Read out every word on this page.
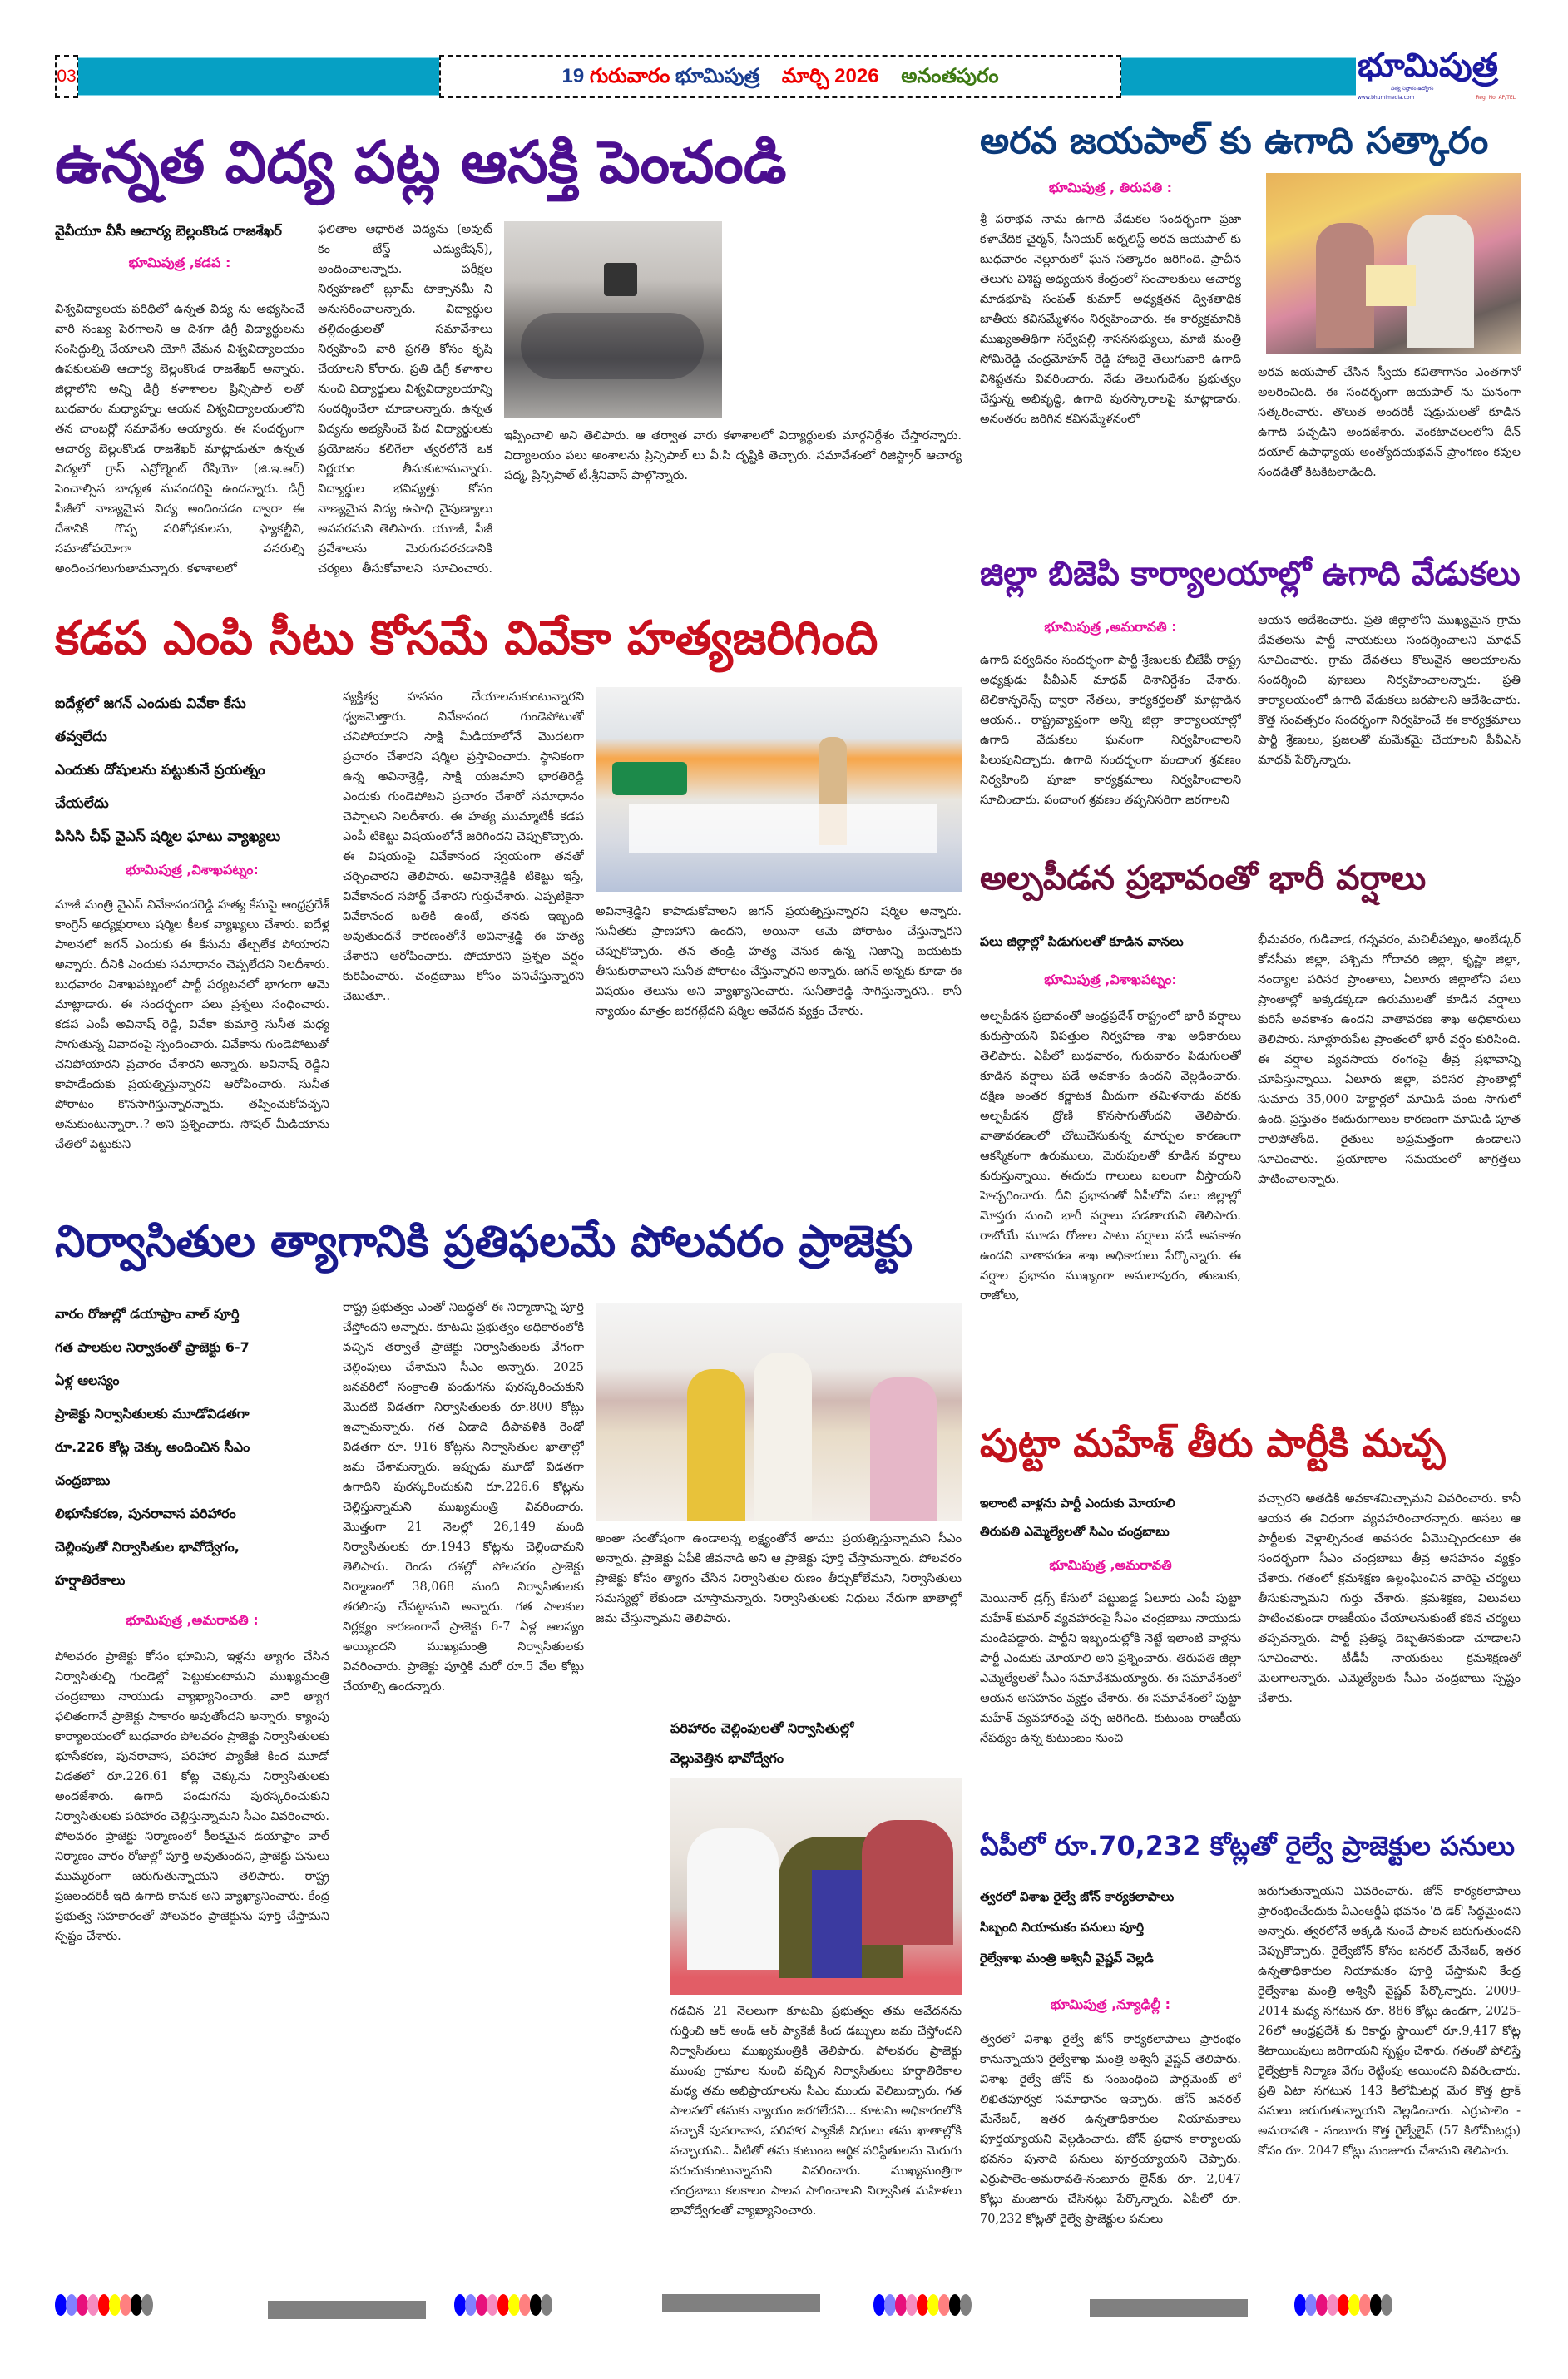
03	19 గురువారం భూమిపుత్ర మార్చి 2026 అనంతపురం	భూమిపుత్ర
సత్య నిష్ఠారం ఉద్యోగం
www.bhumimedia.com	Reg. No. AP/TEL
ఉన్నత విద్య పట్ల ఆసక్తి పెంచండి
వైవీయూ వీసీ ఆచార్య బెల్లంకొండ రాజశేఖర్
భూమిపుత్ర ,కడప :
విశ్వవిద్యాలయ పరిధిలో ఉన్నత విద్య ను అభ్యసించే వారి సంఖ్య పెరగాలని ఆ దిశగా డిగ్రీ విద్యార్థులను సంసిద్ధుల్ని చేయాలని యోగి వేమన విశ్వవిద్యాలయం ఉపకులపతి ఆచార్య బెల్లంకొండ రాజశేఖర్ అన్నారు. జిల్లాలోని అన్ని డిగ్రీ కళాశాలల ప్రిన్సిపాల్ లతో బుధవారం మధ్యాహ్నం ఆయన విశ్వవిద్యాలయంలోని తన చాంబర్లో సమావేశం అయ్యారు. ఈ సందర్భంగా ఆచార్య బెల్లంకొండ రాజశేఖర్ మాట్లాడుతూ ఉన్నత విద్యలో గ్రాస్ ఎన్రోల్మెంట్ రేషియో (జి.ఇ.ఆర్) పెంచాల్సిన బాధ్యత మనందరిపై ఉందన్నారు. డిగ్రీ పీజీలో నాణ్యమైన విద్య అందించడం ద్వారా ఈ దేశానికి గొప్ప పరిశోధకులను, ఫ్యాకల్టీని, సమాజోపయోగా వనరుల్ని అందించగలుగుతామన్నారు. కళాశాలలో
ఫలితాల ఆధారిత విద్యను (అవుట్ కం బేస్డ్ ఎడ్యుకేషన్), అందించాలన్నారు. పరీక్షల నిర్వహణలో బ్లూమ్ టాక్సానమీ ని అనుసరించాలన్నారు. విద్యార్థుల తల్లిదండ్రులతో సమావేశాలు నిర్వహించి వారి ప్రగతి కోసం కృషి చేయాలని కోరారు. ప్రతి డిగ్రీ కళాశాల నుంచి విద్యార్థులు విశ్వవిద్యాలయాన్ని సందర్శించేలా చూడాలన్నారు. ఉన్నత విద్యను అభ్యసించే పేద విద్యార్థులకు ప్రయోజనం కలిగేలా త్వరలోనే ఒక నిర్ణయం తీసుకుటామన్నారు. విద్యార్థుల భవిష్యత్తు కోసం నాణ్యమైన విద్య ఉపాధి నైపుణ్యాలు అవసరమని తెలిపారు. యూజీ, పీజీ ప్రవేశాలను మెరుగుపరచడానికి చర్యలు తీసుకోవాలని సూచించారు.
ఇప్పించాలి అని తెలిపారు. ఆ తర్వాత వారు కళాశాలలో విద్యార్థులకు మార్గనిర్దేశం చేస్తారన్నారు. విద్యాలయం పలు అంశాలను ప్రిన్సిపాల్ లు వీ.సి దృష్టికి తెచ్చారు. సమావేశంలో రిజిస్ట్రార్ ఆచార్య పద్మ, ప్రిన్సిపాల్ టీ.శ్రీనివాస్ పాల్గొన్నారు.
అరవ జయపాల్ కు ఉగాది సత్కారం
భూమిపుత్ర , తిరుపతి :
శ్రీ పరాభవ నామ ఉగాది వేడుకల సందర్భంగా ప్రజా కళావేదిక చైర్మన్, సీనియర్ జర్నలిస్ట్ అరవ జయపాల్ కు బుధవారం నెల్లూరులో ఘన సత్కారం జరిగింది. ప్రాచీన తెలుగు విశిష్ట అధ్యయన కేంద్రంలో సంచాలకులు ఆచార్య మాడభూషి సంపత్ కుమార్ అధ్యక్షతన ద్విశతాధిక జాతీయ కవిసమ్మేళనం నిర్వహించారు. ఈ కార్యక్రమానికి ముఖ్యఅతిథిగా సర్వేపల్లి శాసనసభ్యులు, మాజీ మంత్రి సోమిరెడ్డి చంద్రమోహన్ రెడ్డి హాజరై తెలుగువారి ఉగాది విశిష్టతను వివరించారు. నేడు తెలుగుదేశం ప్రభుత్వం చేస్తున్న అభివృద్ధి, ఉగాది పురస్కారాలపై మాట్లాడారు. అనంతరం జరిగిన కవిసమ్మేళనంలో
అరవ జయపాల్ చేసిన స్వీయ కవితాగానం ఎంతగానో అలరించింది. ఈ సందర్భంగా జయపాల్ ను ఘనంగా సత్కరించారు. తొలుత అందరికీ షడ్రుచులతో కూడిన ఉగాది పచ్చడిని అందజేశారు. వెంకటాచలంలోని దీన్ దయాల్ ఉపాధ్యాయ అంత్యోదయభవన్ ప్రాంగణం కవుల సందడితో కిటకిటలాడింది.
జిల్లా బిజెపి కార్యాలయాల్లో ఉగాది వేడుకలు
భూమిపుత్ర ,అమరావతి :
ఉగాది పర్వదినం సందర్భంగా పార్టీ శ్రేణులకు బీజేపీ రాష్ట్ర అధ్యక్షుడు పీవీఎన్ మాధవ్ దిశానిర్దేశం చేశారు. టెలికాన్ఫరెన్స్ ద్వారా నేతలు, కార్యకర్తలతో మాట్లాడిన ఆయన.. రాష్ట్రవ్యాప్తంగా అన్ని జిల్లా కార్యాలయాల్లో ఉగాది వేడుకలు ఘనంగా నిర్వహించాలని పిలుపునిచ్చారు. ఉగాది సందర్భంగా పంచాంగ శ్రవణం నిర్వహించి పూజా కార్యక్రమాలు నిర్వహించాలని సూచించారు. పంచాంగ శ్రవణం తప్పనిసరిగా జరగాలని
ఆయన ఆదేశించారు. ప్రతి జిల్లాలోని ముఖ్యమైన గ్రామ దేవతలను పార్టీ నాయకులు సందర్శించాలని మాధవ్ సూచించారు. గ్రామ దేవతలు కొలువైన ఆలయాలను సందర్శించి పూజలు నిర్వహించాలన్నారు. ప్రతి కార్యాలయంలో ఉగాది వేడుకలు జరపాలని ఆదేశించారు. కొత్త సంవత్సరం సందర్భంగా నిర్వహించే ఈ కార్యక్రమాలు పార్టీ శ్రేణులు, ప్రజలతో మమేకమై చేయాలని పీవీఎన్ మాధవ్ పేర్కొన్నారు.
కడప ఎంపి సీటు కోసమే వివేకా హత్యజరిగింది
ఐదేళ్లలో జగన్ ఎందుకు వివేకా కేసు
తవ్వలేదు
ఎందుకు దోషులను పట్టుకునే ప్రయత్నం
చేయలేదు
పిసిసి చీఫ్ వైఎస్ షర్మిల ఘాటు వ్యాఖ్యలు
భూమిపుత్ర ,విశాఖపట్నం:
మాజీ మంత్రి వైఎస్ వివేకానందరెడ్డి హత్య కేసుపై ఆంధ్రప్రదేశ్ కాంగ్రెస్ అధ్యక్షురాలు షర్మిల కీలక వ్యాఖ్యలు చేశారు. ఐదేళ్ల పాలనలో జగన్ ఎందుకు ఈ కేసును తేల్చలేక పోయారని అన్నారు. దీనికి ఎందుకు సమాధానం చెప్పలేదని నిలదీశారు. బుధవారం విశాఖపట్నంలో పార్టీ పర్యటనలో భాగంగా ఆమె మాట్లాడారు. ఈ సందర్భంగా పలు ప్రశ్నలు సంధించారు. కడప ఎంపీ అవినాష్ రెడ్డి, వివేకా కుమార్తె సునీత మధ్య సాగుతున్న వివాదంపై స్పందించారు. వివేకాను గుండెపోటుతో చనిపోయారని ప్రచారం చేశారని అన్నారు. అవినాష్ రెడ్డిని కాపాడేందుకు ప్రయత్నిస్తున్నారని ఆరోపించారు. సునీత పోరాటం కొనసాగిస్తున్నారన్నారు. తప్పించుకోవచ్చని అనుకుంటున్నారా..? అని ప్రశ్నించారు. సోషల్ మీడియాను చేతిలో పెట్టుకుని
వ్యక్తిత్వ హననం చేయాలనుకుంటున్నారని ధ్వజమెత్తారు. వివేకానంద గుండెపోటుతో చనిపోయారని సాక్షి మీడియాలోనే మొదటగా ప్రచారం చేశారని షర్మిల ప్రస్తావించారు. స్థానికంగా ఉన్న అవినాశ్రెడ్డి, సాక్షి యజమాని భారతిరెడ్డి ఎందుకు గుండెపోటని ప్రచారం చేశారో సమాధానం చెప్పాలని నిలదీశారు. ఈ హత్య ముమ్మాటికీ కడప ఎంపీ టికెట్టు విషయంలోనే జరిగిందని చెప్పుకొచ్చారు. ఈ విషయంపై వివేకానంద స్వయంగా తనతో చర్చించారని తెలిపారు. అవినాశ్రెడ్డికి టికెట్టు ఇస్తే, వివేకానంద సపోర్ట్ చేశారని గుర్తుచేశారు. ఎప్పటికైనా వివేకానంద బతికి ఉంటే, తనకు ఇబ్బంది అవుతుందనే కారణంతోనే అవినాశ్రెడ్డి ఈ హత్య చేశారని ఆరోపించారు. పోయారని ప్రశ్నల వర్షం కురిపించారు. చంద్రబాబు కోసం పనిచేస్తున్నారని చెబుతూ..
అవినాశ్రెడ్డిని కాపాడుకోవాలని జగన్ ప్రయత్నిస్తున్నారని షర్మిల అన్నారు. సునీతకు ప్రాణహాని ఉందని, అయినా ఆమె పోరాటం చేస్తున్నారని చెప్పుకొచ్చారు. తన తండ్రి హత్య వెనుక ఉన్న నిజాన్ని బయటకు తీసుకురావాలని సునీత పోరాటం చేస్తున్నారని అన్నారు. జగన్ అన్నకు కూడా ఈ విషయం తెలుసు అని వ్యాఖ్యానించారు. సునీతారెడ్డి సాగిస్తున్నారని.. కానీ న్యాయం మాత్రం జరగట్లేదని షర్మిల ఆవేదన వ్యక్తం చేశారు.
అల్పపీడన ప్రభావంతో భారీ వర్షాలు
పలు జిల్లాల్లో పిడుగులతో కూడిన వానలు
భూమిపుత్ర ,విశాఖపట్నం:
అల్పపీడన ప్రభావంతో ఆంధ్రప్రదేశ్ రాష్ట్రంలో భారీ వర్షాలు కురుస్తాయని విపత్తుల నిర్వహణ శాఖ అధికారులు తెలిపారు. ఏపీలో బుధవారం, గురువారం పిడుగులతో కూడిన వర్షాలు పడే అవకాశం ఉందని వెల్లడించారు. దక్షిణ అంతర కర్ణాటక మీదుగా తమిళనాడు వరకు అల్పపీడన ద్రోణి కొనసాగుతోందని తెలిపారు. వాతావరణంలో చోటుచేసుకున్న మార్పుల కారణంగా ఆకస్మికంగా ఉరుములు, మెరుపులతో కూడిన వర్షాలు కురుస్తున్నాయి. ఈదురు గాలులు బలంగా వీస్తాయని హెచ్చరించారు. దీని ప్రభావంతో ఏపీలోని పలు జిల్లాల్లో మోస్తరు నుంచి భారీ వర్షాలు పడతాయని తెలిపారు. రాబోయే మూడు రోజుల పాటు వర్షాలు పడే అవకాశం ఉందని వాతావరణ శాఖ అధికారులు పేర్కొన్నారు. ఈ వర్షాల ప్రభావం ముఖ్యంగా అమలాపురం, తుణుకు, రాజోలు,
భీమవరం, గుడివాడ, గన్నవరం, మచిలీపట్నం, అంబేడ్కర్ కోనసీమ జిల్లా, పశ్చిమ గోదావరి జిల్లా, కృష్ణా జిల్లా, నంద్యాల పరిసర ప్రాంతాలు, ఏలూరు జిల్లాలోని పలు ప్రాంతాల్లో అక్కడక్కడా ఉరుములతో కూడిన వర్షాలు కురిసే అవకాశం ఉందని వాతావరణ శాఖ అధికారులు తెలిపారు. సూళ్లూరుపేట ప్రాంతంలో భారీ వర్షం కురిసింది. ఈ వర్షాల వ్యవసాయ రంగంపై తీవ్ర ప్రభావాన్ని చూపిస్తున్నాయి. ఏలూరు జిల్లా, పరిసర ప్రాంతాల్లో సుమారు 35,000 హెక్టార్లలో మామిడి పంట సాగులో ఉంది. ప్రస్తుతం ఈదురుగాలుల కారణంగా మామిడి పూత రాలిపోతోంది. రైతులు అప్రమత్తంగా ఉండాలని సూచించారు. ప్రయాణాల సమయంలో జాగ్రత్తలు పాటించాలన్నారు.
నిర్వాసితుల త్యాగానికి ప్రతిఫలమే పోలవరం ప్రాజెక్టు
వారం రోజుల్లో డయాఫ్రాం వాల్ పూర్తి
గత పాలకుల నిర్వాకంతో ప్రాజెక్టు 6-7
ఏళ్ల ఆలస్యం
ప్రాజెక్టు నిర్వాసితులకు మూడోవిడతగా
రూ.226 కోట్ల చెక్కు అందించిన సీఎం
చంద్రబాబు
లిభూసేకరణ, పునరావాస పరిహారం
చెల్లింపుతో నిర్వాసితుల భావోద్వేగం,
హర్షాతిరేకాలు
భూమిపుత్ర ,అమరావతి :
పోలవరం ప్రాజెక్టు కోసం భూమిని, ఇళ్లను త్యాగం చేసిన నిర్వాసితుల్ని గుండెల్లో పెట్టుకుంటామని ముఖ్యమంత్రి చంద్రబాబు నాయుడు వ్యాఖ్యానించారు. వారి త్యాగ ఫలితంగానే ప్రాజెక్టు సాకారం అవుతోందని అన్నారు. క్యాంపు కార్యాలయంలో బుధవారం పోలవరం ప్రాజెక్టు నిర్వాసితులకు భూసేకరణ, పునరావాస, పరిహార ప్యాకేజీ కింద మూడో విడతలో రూ.226.61 కోట్ల చెక్కును నిర్వాసితులకు అందజేశారు. ఉగాది పండుగను పురస్కరించుకుని నిర్వాసితులకు పరిహారం చెల్లిస్తున్నామని సీఎం వివరించారు. పోలవరం ప్రాజెక్టు నిర్మాణంలో కీలకమైన డయాఫ్రాం వాల్ నిర్మాణం వారం రోజుల్లో పూర్తి అవుతుందని, ప్రాజెక్టు పనులు ముమ్మరంగా జరుగుతున్నాయని తెలిపారు. రాష్ట్ర ప్రజలందరికీ ఇది ఉగాది కానుక అని వ్యాఖ్యానించారు. కేంద్ర ప్రభుత్వ సహకారంతో పోలవరం ప్రాజెక్టును పూర్తి చేస్తామని స్పష్టం చేశారు.
రాష్ట్ర ప్రభుత్వం ఎంతో నిబద్ధతో ఈ నిర్మాణాన్ని పూర్తి చేస్తోందని అన్నారు. కూటమి ప్రభుత్వం అధికారంలోకి వచ్చిన తర్వాతే ప్రాజెక్టు నిర్వాసితులకు వేగంగా చెల్లింపులు చేశామని సీఎం అన్నారు. 2025 జనవరిలో సంక్రాంతి పండుగను పురస్కరించుకుని మొదటి విడతగా నిర్వాసితులకు రూ.800 కోట్లు ఇచ్చామన్నారు. గత ఏడాది దీపావళికి రెండో విడతగా రూ. 916 కోట్లను నిర్వాసితుల ఖాతాల్లో జమ చేశామన్నారు. ఇప్పుడు మూడో విడతగా ఉగాదిని పురస్కరించుకుని రూ.226.6 కోట్లను చెల్లిస్తున్నామని ముఖ్యమంత్రి వివరించారు. మొత్తంగా 21 నెలల్లో 26,149 మంది నిర్వాసితులకు రూ.1943 కోట్లను చెల్లించామని తెలిపారు. రెండు దశల్లో పోలవరం ప్రాజెక్టు నిర్మాణంలో 38,068 మంది నిర్వాసితులకు తరలింపు చేపట్టామని అన్నారు. గత పాలకుల నిర్లక్ష్యం కారణంగానే ప్రాజెక్టు 6-7 ఏళ్ల ఆలస్యం అయ్యిందని ముఖ్యమంత్రి నిర్వాసితులకు వివరించారు. ప్రాజెక్టు పూర్తికి మరో రూ.5 వేల కోట్లు చేయాల్సి ఉందన్నారు.
అంతా సంతోషంగా ఉండాలన్న లక్ష్యంతోనే తాము ప్రయత్నిస్తున్నామని సీఎం అన్నారు. ప్రాజెక్టు ఏపీకి జీవనాడి అని ఆ ప్రాజెక్టు పూర్తి చేస్తామన్నారు. పోలవరం ప్రాజెక్టు కోసం త్యాగం చేసిన నిర్వాసితుల రుణం తీర్చుకోలేమని, నిర్వాసితులు సమస్యల్లో లేకుండా చూస్తామన్నారు. నిర్వాసితులకు నిధులు నేరుగా ఖాతాల్లో జమ చేస్తున్నామని తెలిపారు.
పరిహారం చెల్లింపులతో నిర్వాసితుల్లో
వెల్లువెత్తిన భావోద్వేగం
గడచిన 21 నెలలుగా కూటమి ప్రభుత్వం తమ ఆవేదనను గుర్తించి ఆర్ అండ్ ఆర్ ప్యాకేజీ కింద డబ్బులు జమ చేస్తోందని నిర్వాసితులు ముఖ్యమంత్రికి తెలిపారు. పోలవరం ప్రాజెక్టు ముంపు గ్రామాల నుంచి వచ్చిన నిర్వాసితులు హర్షాతిరేకాల మధ్య తమ అభిప్రాయాలను సీఎం ముందు వెలిబుచ్చారు. గత పాలనలో తమకు న్యాయం జరగలేదని... కూటమి అధికారంలోకి వచ్చాకే పునరావాస, పరిహార ప్యాకేజీ నిధులు తమ ఖాతాల్లోకి వచ్చాయని.. వీటితో తమ కుటుంబ ఆర్థిక పరిస్థితులను మెరుగు పరుచుకుంటున్నామని వివరించారు. ముఖ్యమంత్రిగా చంద్రబాబు కలకాలం పాలన సాగించాలని నిర్వాసిత మహిళలు భావోద్వేగంతో వ్యాఖ్యానించారు.
పుట్టా మహేశ్ తీరు పార్టీకి మచ్చ
ఇలాంటి వాళ్లను పార్టీ ఎందుకు మోయాలి
తిరుపతి ఎమ్మెల్యేలతో సిఎం చంద్రబాబు
భూమిపుత్ర ,అమరావతి
మెయినార్ డ్రగ్స్ కేసులో పట్టుబడ్డ ఏలూరు ఎంపీ పుట్టా మహేశ్ కుమార్ వ్యవహారంపై సీఎం చంద్రబాబు నాయుడు మండిపడ్డారు. పార్టీని ఇబ్బందుల్లోకి నెట్టే ఇలాంటి వాళ్లను పార్టీ ఎందుకు మోయాలి అని ప్రశ్నించారు. తిరుపతి జిల్లా ఎమ్మెల్యేలతో సీఎం సమావేశమయ్యారు. ఈ సమావేశంలో ఆయన అసహనం వ్యక్తం చేశారు. ఈ సమావేశంలో పుట్టా మహేశ్ వ్యవహారంపై చర్చ జరిగింది. కుటుంబ రాజకీయ నేపథ్యం ఉన్న కుటుంబం నుంచి
వచ్చారని అతడికి అవకాశమిచ్చామని వివరించారు. కానీ ఆయన ఈ విధంగా వ్యవహరించారన్నారు. అసలు ఆ పార్టీలకు వెళ్లాల్సినంత అవసరం ఏమొచ్చిందంటూ ఈ సందర్భంగా సీఎం చంద్రబాబు తీవ్ర అసహనం వ్యక్తం చేశారు. గతంలో క్రమశిక్షణ ఉల్లంఘించిన వారిపై చర్యలు తీసుకున్నామని గుర్తు చేశారు. క్రమశిక్షణ, విలువలు పాటించకుండా రాజకీయం చేయాలనుకుంటే కఠిన చర్యలు తప్పవన్నారు. పార్టీ ప్రతిష్ఠ దెబ్బతినకుండా చూడాలని సూచించారు. టీడీపీ నాయకులు క్రమశిక్షణతో మెలగాలన్నారు. ఎమ్మెల్యేలకు సీఎం చంద్రబాబు స్పష్టం చేశారు.
ఏపీలో రూ.70,232 కోట్లతో రైల్వే ప్రాజెక్టుల పనులు
త్వరలో విశాఖ రైల్వే జోన్ కార్యకలాపాలు
సిబ్బంది నియామకం పనులు పూర్తి
రైల్వేశాఖ మంత్రి అశ్వినీ వైష్ణవ్ వెల్లడి
భూమిపుత్ర ,న్యూఢిల్లీ :
త్వరలో విశాఖ రైల్వే జోన్ కార్యకలాపాలు ప్రారంభం కానున్నాయని రైల్వేశాఖ మంత్రి అశ్వినీ వైష్ణవ్ తెలిపారు. విశాఖ రైల్వే జోన్ కు సంబంధించి పార్లమెంట్ లో లిఖితపూర్వక సమాధానం ఇచ్చారు. జోన్ జనరల్ మేనేజర్, ఇతర ఉన్నతాధికారుల నియామకాలు పూర్తయ్యాయని వెల్లడించారు. జోన్ ప్రధాన కార్యాలయ భవనం పునాది పనులు పూర్తయ్యాయని చెప్పారు. ఎర్రుపాలెం-అమరావతి-నంబూరు లైన్‌కు రూ. 2,047 కోట్లు మంజూరు చేసినట్లు పేర్కొన్నారు. ఏపీలో రూ. 70,232 కోట్లతో రైల్వే ప్రాజెక్టుల పనులు
జరుగుతున్నాయని వివరించారు. జోన్ కార్యకలాపాలు ప్రారంభించేందుకు వీఎంఆర్డీఏ భవనం 'ది డెక్' సిద్ధమైందని అన్నారు. త్వరలోనే అక్కడి నుంచే పాలన జరుగుతుందని చెప్పుకొచ్చారు. రైల్వేజోన్ కోసం జనరల్ మేనేజర్, ఇతర ఉన్నతాధికారుల నియామకం పూర్తి చేస్తామని కేంద్ర రైల్వేశాఖ మంత్రి అశ్వినీ వైష్ణవ్ పేర్కొన్నారు. 2009-2014 మధ్య సగటున రూ. 886 కోట్లు ఉండగా, 2025-26లో ఆంధ్రప్రదేశ్ కు రికార్డు స్థాయిలో రూ.9,417 కోట్ల కేటాయింపులు జరిగాయని స్పష్టం చేశారు. గతంతో పోలిస్తే రైల్వేట్రాక్ నిర్మాణ వేగం రెట్టింపు అయిందని వివరించారు. ప్రతి ఏటా సగటున 143 కిలోమీటర్ల మేర కొత్త ట్రాక్ పనులు జరుగుతున్నాయని వెల్లడించారు. ఎర్రుపాలెం - అమరావతి - నంబూరు కొత్త రైల్వేలైన్ (57 కిలోమీటర్లు) కోసం రూ. 2047 కోట్లు మంజూరు చేశామని తెలిపారు.
